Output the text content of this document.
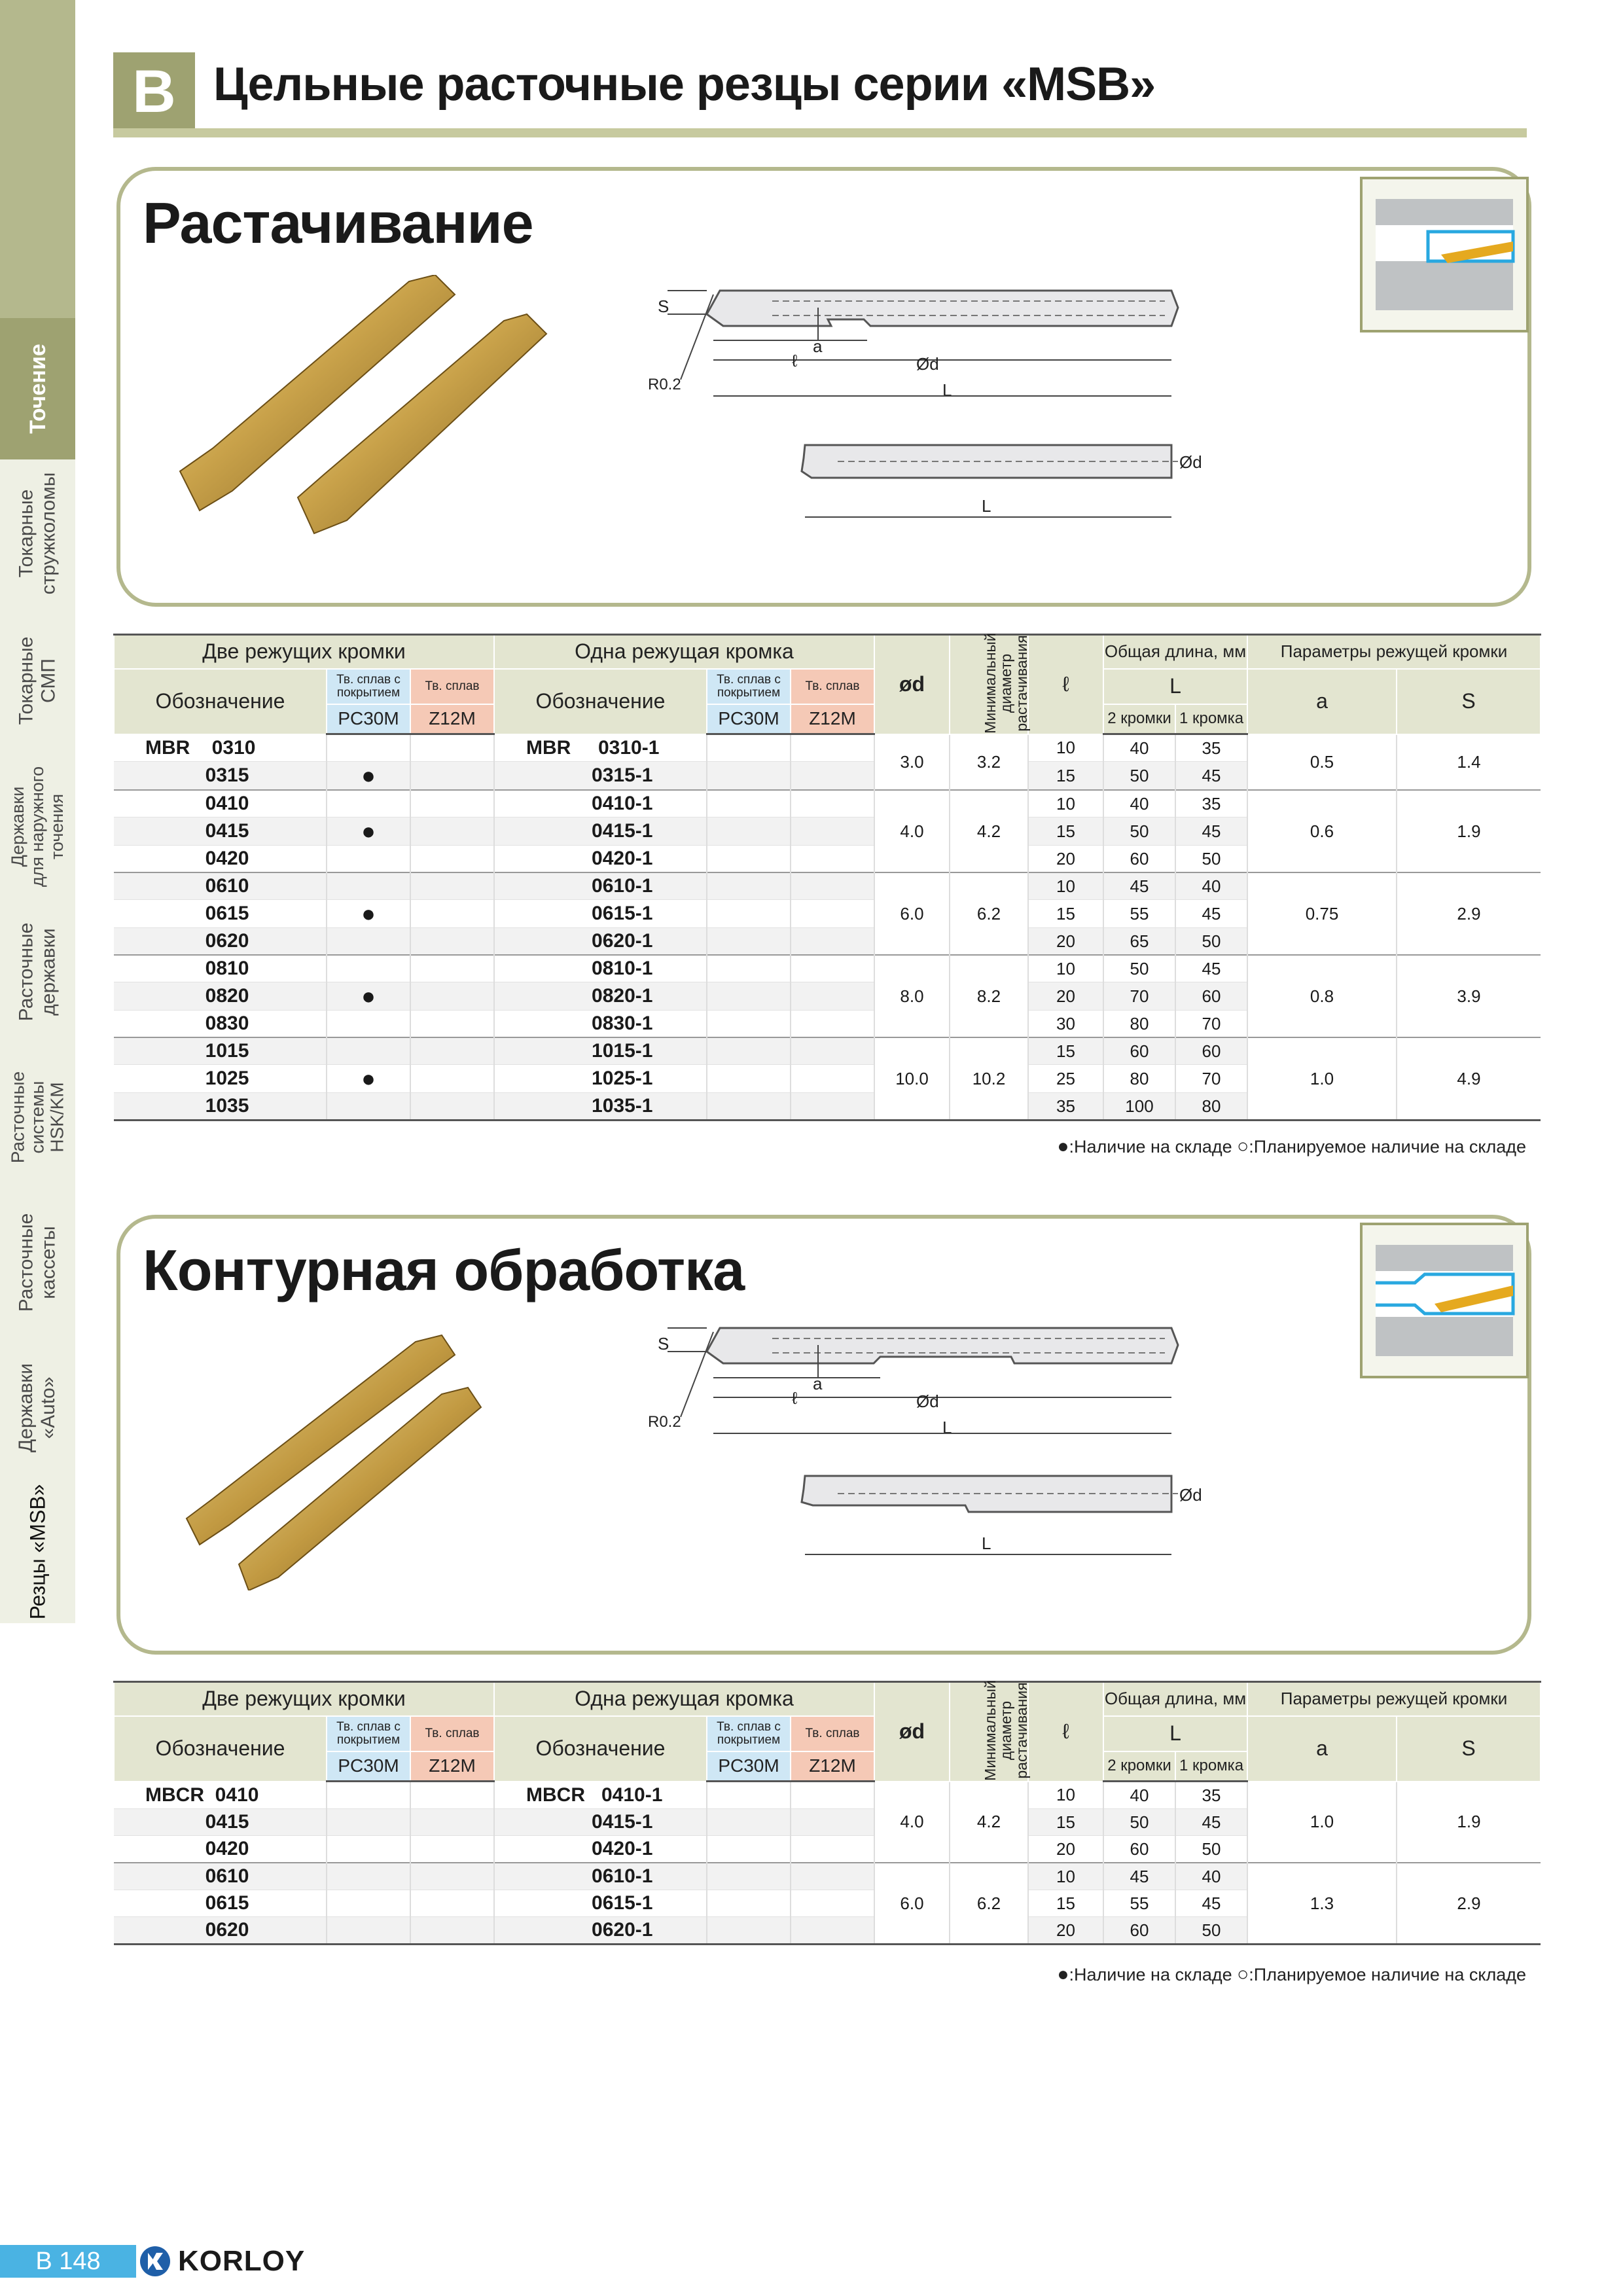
Точение
Токарные
стружколомы
Токарные
СМП
Державки
для наружного
точения
Расточные
державки
Расточные
системы
HSK/KM
Расточные
кассеты
Державки
«Auto»
Резцы «MSB»
B Цельные расточные резцы серии «MSB»
Растачивание
S
a
ℓ	Ød
L
R0.2
L
Ød
Две режущих кромки			Одна режущая кромка			ød	Минимальный диаметр растачивания	ℓ	Общая длина, мм		Параметры режущей кромки	
Обозначение	Тв. сплав с покрытием	Тв. сплав	Обозначение	Тв. сплав с покрытием	Тв. сплав				L		a	S
	PC30M	Z12M		PC30M	Z12M				2 кромки	1 кромка		
MBR    0310			MBR     0310-1			3.0	3.2	10	40	35	0.5	1.4
0315	●		0315-1					15	50	45		
0410			0410-1			4.0	4.2	10	40	35	0.6	1.9
0415	●		0415-1					15	50	45		
0420			0420-1					20	60	50		
0610			0610-1			6.0	6.2	10	45	40	0.75	2.9
0615	●		0615-1					15	55	45		
0620			0620-1					20	65	50		
0810			0810-1			8.0	8.2	10	50	45	0.8	3.9
0820	●		0820-1					20	70	60		
0830			0830-1					30	80	70		
1015			1015-1			10.0	10.2	15	60	60	1.0	4.9
1025	●		1025-1					25	80	70		
1035			1035-1					35	100	80		
●:Наличие на складе ○:Планируемое наличие на складе
Контурная обработка
S
a
ℓ	Ød
L
R0.2
L
Ød
Две режущих кромки			Одна режущая кромка			ød	Минимальный диаметр растачивания	ℓ	Общая длина, мм		Параметры режущей кромки	
Обозначение	Тв. сплав с покрытием	Тв. сплав	Обозначение	Тв. сплав с покрытием	Тв. сплав				L		a	S
	PC30M	Z12M		PC30M	Z12M				2 кромки	1 кромка		
MBCR  0410			MBCR   0410-1			4.0	4.2	10	40	35	1.0	1.9
0415			0415-1					15	50	45		
0420			0420-1					20	60	50		
0610			0610-1			6.0	6.2	10	45	40	1.3	2.9
0615			0615-1					15	55	45		
0620			0620-1					20	60	50		
●:Наличие на складе ○:Планируемое наличие на складе
B 148	KORLOY
